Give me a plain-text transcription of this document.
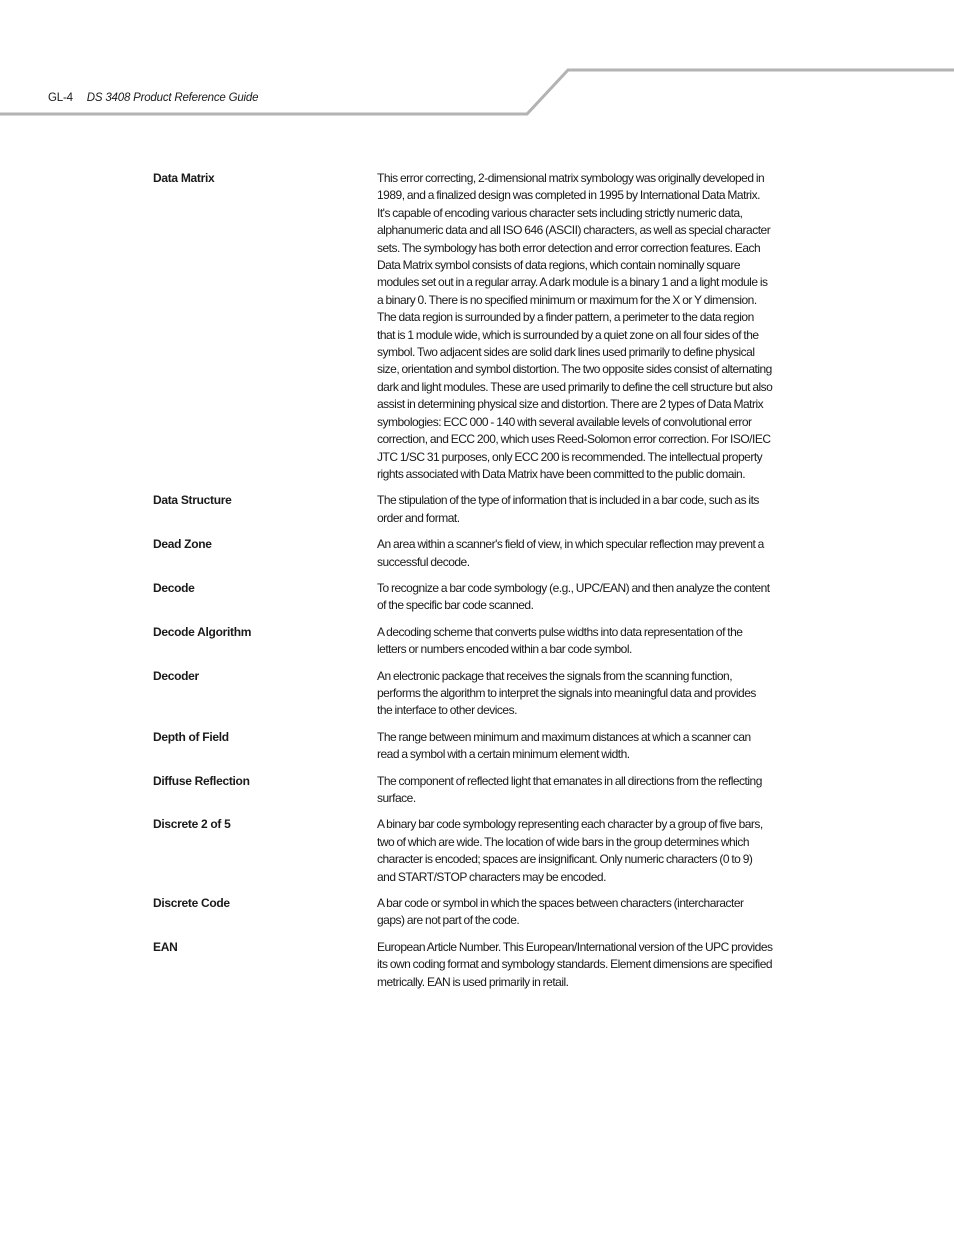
GL-4 DS 3408 Product Reference Guide
Data Matrix	This error correcting, 2-dimensional matrix symbology was originally developed in 1989, and a finalized design was completed in 1995 by International Data Matrix. It's capable of encoding various character sets including strictly numeric data, alphanumeric data and all ISO 646 (ASCII) characters, as well as special character sets. The symbology has both error detection and error correction features. Each Data Matrix symbol consists of data regions, which contain nominally square modules set out in a regular array. A dark module is a binary 1 and a light module is a binary 0. There is no specified minimum or maximum for the X or Y dimension. The data region is surrounded by a finder pattern, a perimeter to the data region that is 1 module wide, which is surrounded by a quiet zone on all four sides of the symbol. Two adjacent sides are solid dark lines used primarily to define physical size, orientation and symbol distortion. The two opposite sides consist of alternating dark and light modules. These are used primarily to define the cell structure but also assist in determining physical size and distortion. There are 2 types of Data Matrix symbologies: ECC 000 - 140 with several available levels of convolutional error correction, and ECC 200, which uses Reed-Solomon error correction. For ISO/IEC JTC 1/SC 31 purposes, only ECC 200 is recommended. The intellectual property rights associated with Data Matrix have been committed to the public domain.
Data Structure	The stipulation of the type of information that is included in a bar code, such as its order and format.
Dead Zone	An area within a scanner's field of view, in which specular reflection may prevent a successful decode.
Decode	To recognize a bar code symbology (e.g., UPC/EAN) and then analyze the content of the specific bar code scanned.
Decode Algorithm	A decoding scheme that converts pulse widths into data representation of the letters or numbers encoded within a bar code symbol.
Decoder	An electronic package that receives the signals from the scanning function, performs the algorithm to interpret the signals into meaningful data and provides the interface to other devices.
Depth of Field	The range between minimum and maximum distances at which a scanner can read a symbol with a certain minimum element width.
Diffuse Reflection	The component of reflected light that emanates in all directions from the reflecting surface.
Discrete 2 of 5	A binary bar code symbology representing each character by a group of five bars, two of which are wide. The location of wide bars in the group determines which character is encoded; spaces are insignificant. Only numeric characters (0 to 9) and START/STOP characters may be encoded.
Discrete Code	A bar code or symbol in which the spaces between characters (intercharacter gaps) are not part of the code.
EAN	European Article Number. This European/International version of the UPC provides its own coding format and symbology standards. Element dimensions are specified metrically. EAN is used primarily in retail.
